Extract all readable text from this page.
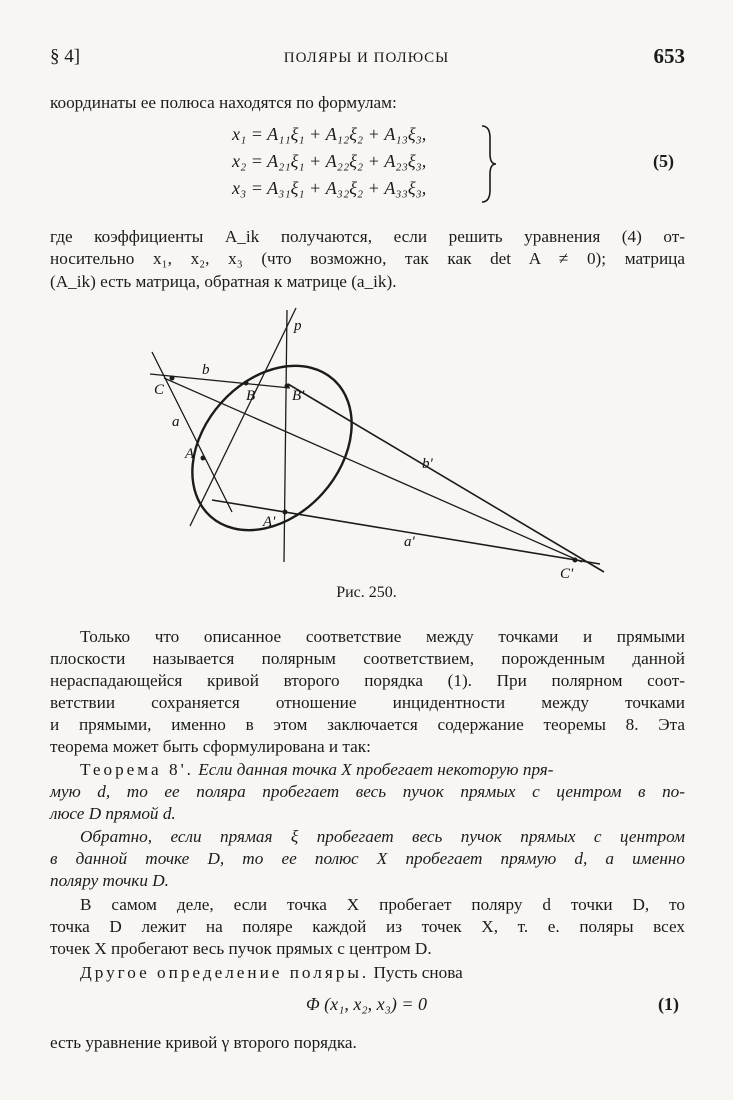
§ 4]	ПОЛЯРЫ И ПОЛЮСЫ	653
координаты ее полюса находятся по формулам:
x₁ = A₁₁ξ₁ + A₁₂ξ₂ + A₁₃ξ₃,
x₂ = A₂₁ξ₁ + A₂₂ξ₂ + A₂₃ξ₃,
x₃ = A₃₁ξ₁ + A₃₂ξ₂ + A₃₃ξ₃,
(5)
где коэффициенты A_ik получаются, если решить уравнения (4) от-
носительно x₁, x₂, x₃ (что возможно, так как det A ≠ 0); матрица
(A_ik) есть матрица, обратная к матрице (a_ik).
p
b
C	B B'
a
A
b'
A'
a'
C'
Рис. 250.
Только что описанное соответствие между точками и прямыми
плоскости называется полярным соответствием, порожденным данной
нераспадающейся кривой второго порядка (1). При полярном соот-
ветствии сохраняется отношение инцидентности между точками
и прямыми, именно в этом заключается содержание теоремы 8. Эта
теорема может быть сформулирована и так:
Теорема 8'. Если данная точка X пробегает некоторую пря-
мую d, то ее поляра пробегает весь пучок прямых с центром в по-
люсе D прямой d.
Обратно, если прямая ξ пробегает весь пучок прямых с центром
в данной точке D, то ее полюс X пробегает прямую d, а именно
поляру точки D.
В самом деле, если точка X пробегает поляру d точки D, то
точка D лежит на поляре каждой из точек X, т. е. поляры всех
точек X пробегают весь пучок прямых с центром D.
Другое определение поляры. Пусть снова
Φ (x₁, x₂, x₃) = 0	(1)
есть уравнение кривой γ второго порядка.
